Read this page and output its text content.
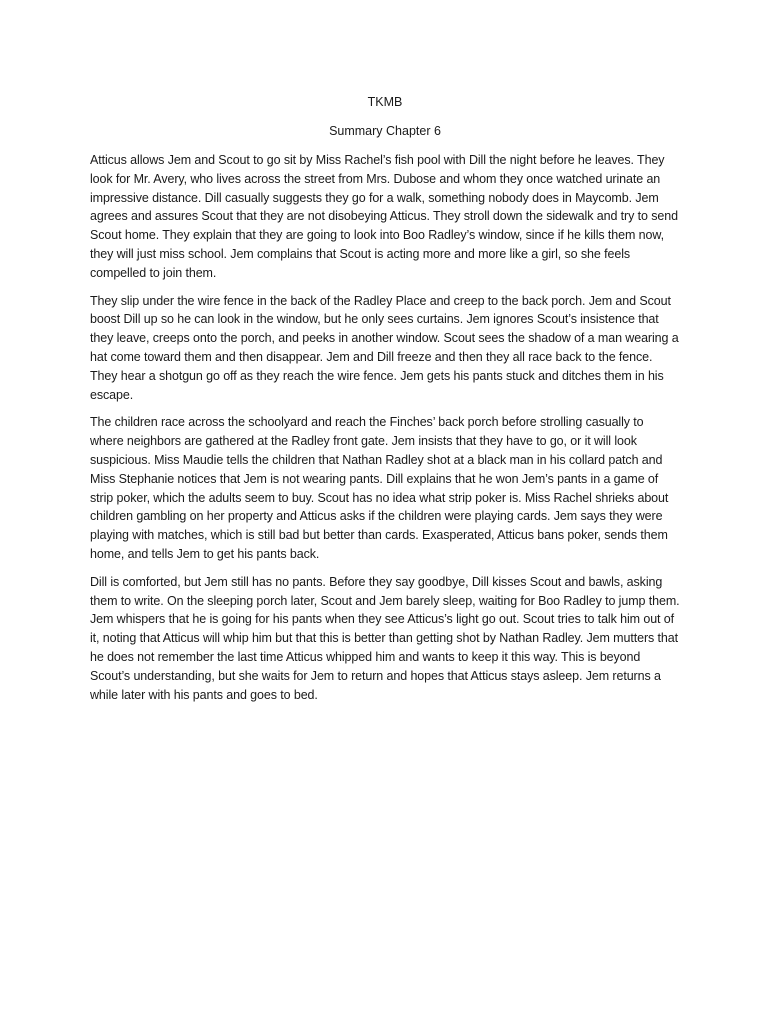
TKMB
Summary Chapter 6

Atticus allows Jem and Scout to go sit by Miss Rachel’s fish pool with Dill the night before he leaves. They look for Mr. Avery, who lives across the street from Mrs. Dubose and whom they once watched urinate an impressive distance. Dill casually suggests they go for a walk, something nobody does in Maycomb. Jem agrees and assures Scout that they are not disobeying Atticus. They stroll down the sidewalk and try to send Scout home. They explain that they are going to look into Boo Radley’s window, since if he kills them now, they will just miss school. Jem complains that Scout is acting more and more like a girl, so she feels compelled to join them.

They slip under the wire fence in the back of the Radley Place and creep to the back porch. Jem and Scout boost Dill up so he can look in the window, but he only sees curtains. Jem ignores Scout’s insistence that they leave, creeps onto the porch, and peeks in another window. Scout sees the shadow of a man wearing a hat come toward them and then disappear. Jem and Dill freeze and then they all race back to the fence. They hear a shotgun go off as they reach the wire fence. Jem gets his pants stuck and ditches them in his escape.

The children race across the schoolyard and reach the Finches’ back porch before strolling casually to where neighbors are gathered at the Radley front gate. Jem insists that they have to go, or it will look suspicious. Miss Maudie tells the children that Nathan Radley shot at a black man in his collard patch and Miss Stephanie notices that Jem is not wearing pants. Dill explains that he won Jem’s pants in a game of strip poker, which the adults seem to buy. Scout has no idea what strip poker is. Miss Rachel shrieks about children gambling on her property and Atticus asks if the children were playing cards. Jem says they were playing with matches, which is still bad but better than cards. Exasperated, Atticus bans poker, sends them home, and tells Jem to get his pants back.

Dill is comforted, but Jem still has no pants. Before they say goodbye, Dill kisses Scout and bawls, asking them to write. On the sleeping porch later, Scout and Jem barely sleep, waiting for Boo Radley to jump them. Jem whispers that he is going for his pants when they see Atticus’s light go out. Scout tries to talk him out of it, noting that Atticus will whip him but that this is better than getting shot by Nathan Radley. Jem mutters that he does not remember the last time Atticus whipped him and wants to keep it this way. This is beyond Scout’s understanding, but she waits for Jem to return and hopes that Atticus stays asleep. Jem returns a while later with his pants and goes to bed.
